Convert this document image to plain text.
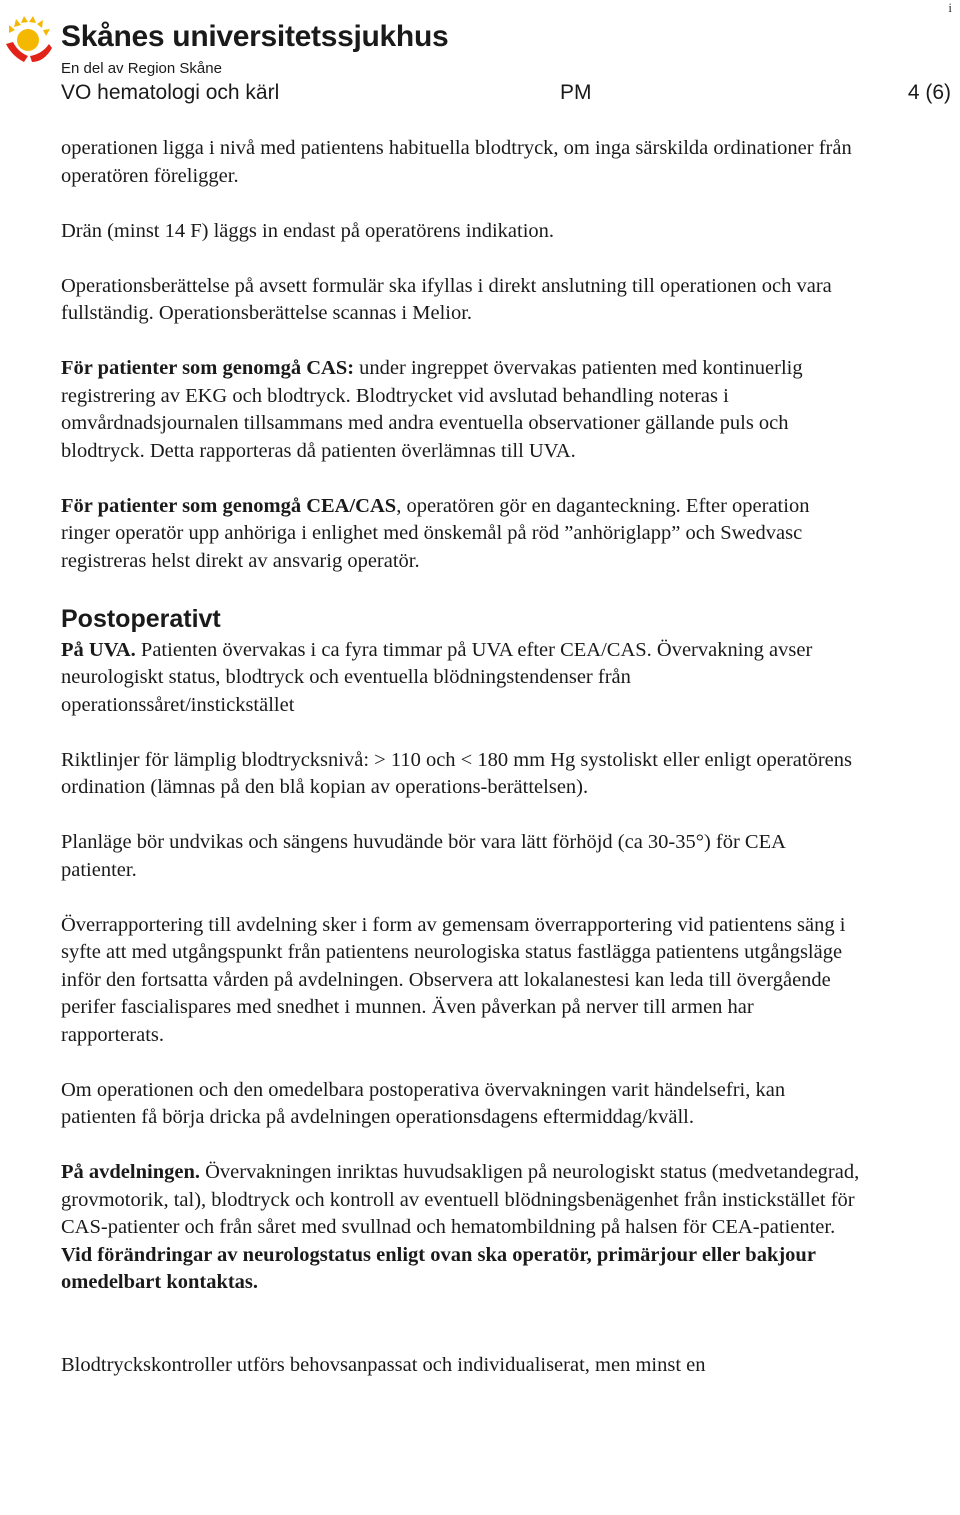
i
Skånes universitetssjukhus
En del av Region Skåne
VO hematologi och kärl	PM	4 (6)

operationen ligga i nivå med patientens habituella blodtryck, om inga särskilda ordinationer från operatören föreligger.

Drän (minst 14 F) läggs in endast på operatörens indikation.

Operationsberättelse på avsett formulär ska ifyllas i direkt anslutning till operationen och vara fullständig. Operationsberättelse scannas i Melior.

För patienter som genomgå CAS: under ingreppet övervakas patienten med kontinuerlig registrering av EKG och blodtryck. Blodtrycket vid avslutad behandling noteras i omvårdnadsjournalen tillsammans med andra eventuella observationer gällande puls och blodtryck. Detta rapporteras då patienten överlämnas till UVA.

För patienter som genomgå CEA/CAS, operatören gör en daganteckning. Efter operation ringer operatör upp anhöriga i enlighet med önskemål på röd ”anhöriglapp” och Swedvasc registreras helst direkt av ansvarig operatör.

Postoperativt

På UVA. Patienten övervakas i ca fyra timmar på UVA efter CEA/CAS. Övervakning avser neurologiskt status, blodtryck och eventuella blödningstendenser från operationssåret/instickstället

Riktlinjer för lämplig blodtrycksnivå: > 110 och < 180 mm Hg systoliskt eller enligt operatörens ordination (lämnas på den blå kopian av operations-berättelsen).

Planläge bör undvikas och sängens huvudände bör vara lätt förhöjd (ca 30-35°) för CEA patienter.

Överrapportering till avdelning sker i form av gemensam överrapportering vid patientens säng i syfte att med utgångspunkt från patientens neurologiska status fastlägga patientens utgångsläge inför den fortsatta vården på avdelningen. Observera att lokalanestesi kan leda till övergående perifer fascialispares med snedhet i munnen. Även påverkan på nerver till armen har rapporterats.

Om operationen och den omedelbara postoperativa övervakningen varit händelsefri, kan patienten få börja dricka på avdelningen operationsdagens eftermiddag/kväll.

På avdelningen. Övervakningen inriktas huvudsakligen på neurologiskt status (medvetandegrad, grovmotorik, tal), blodtryck och kontroll av eventuell blödningsbenägenhet från instickstället för CAS-patienter och från såret med svullnad och hematombildning på halsen för CEA-patienter. Vid förändringar av neurologstatus enligt ovan ska operatör, primärjour eller bakjour omedelbart kontaktas.

Blodtryckskontroller utförs behovsanpassat och individualiserat, men minst en
